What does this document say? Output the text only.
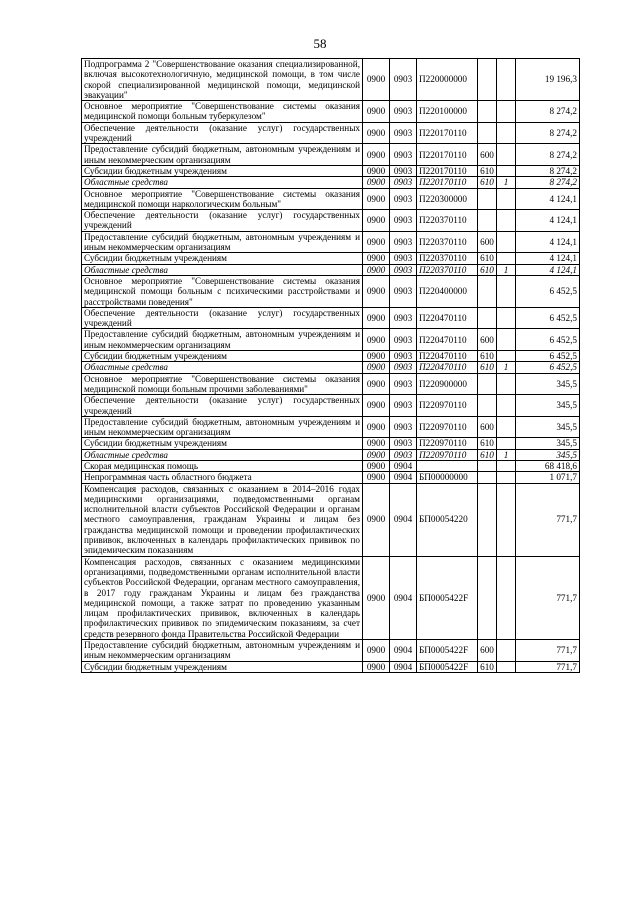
58
Подпрограмма 2 "Совершенствование оказания специализированной, включая высокотехнологичную, медицинской помощи, в том числе скорой специализированной медицинской помощи, медицинской эвакуации"	0900	0903	П220000000			19 196,3
Основное мероприятие "Совершенствование системы оказания медицинской помощи больным туберкулезом"	0900	0903	П220100000			8 274,2
Обеспечение деятельности (оказание услуг) государственных учреждений	0900	0903	П220170110			8 274,2
Предоставление субсидий бюджетным, автономным учреждениям и иным некоммерческим организациям	0900	0903	П220170110	600		8 274,2
Субсидии бюджетным учреждениям	0900	0903	П220170110	610		8 274,2
Областные средства	0900	0903	П220170110	610	1	8 274,2
Основное мероприятие "Совершенствование системы оказания медицинской помощи наркологическим больным"	0900	0903	П220300000			4 124,1
Обеспечение деятельности (оказание услуг) государственных учреждений	0900	0903	П220370110			4 124,1
Предоставление субсидий бюджетным, автономным учреждениям и иным некоммерческим организациям	0900	0903	П220370110	600		4 124,1
Субсидии бюджетным учреждениям	0900	0903	П220370110	610		4 124,1
Областные средства	0900	0903	П220370110	610	1	4 124,1
Основное мероприятие "Совершенствование системы оказания медицинской помощи больным с психическими расстройствами и расстройствами поведения"	0900	0903	П220400000			6 452,5
Обеспечение деятельности (оказание услуг) государственных учреждений	0900	0903	П220470110			6 452,5
Предоставление субсидий бюджетным, автономным учреждениям и иным некоммерческим организациям	0900	0903	П220470110	600		6 452,5
Субсидии бюджетным учреждениям	0900	0903	П220470110	610		6 452,5
Областные средства	0900	0903	П220470110	610	1	6 452,5
Основное мероприятие "Совершенствование системы оказания медицинской помощи больным прочими заболеваниями"	0900	0903	П220900000			345,5
Обеспечение деятельности (оказание услуг) государственных учреждений	0900	0903	П220970110			345,5
Предоставление субсидий бюджетным, автономным учреждениям и иным некоммерческим организациям	0900	0903	П220970110	600		345,5
Субсидии бюджетным учреждениям	0900	0903	П220970110	610		345,5
Областные средства	0900	0903	П220970110	610	1	345,5
Скорая медицинская помощь	0900	0904				68 418,6
Непрограммная часть областного бюджета	0900	0904	БП00000000			1 071,7
Компенсация расходов, связанных с оказанием в 2014–2016 годах медицинскими организациями, подведомственными органам исполнительной власти субъектов Российской Федерации и органам местного самоуправления, гражданам Украины и лицам без гражданства медицинской помощи и проведении профилактических прививок, включенных в календарь профилактических прививок по эпидемическим показаниям	0900	0904	БП00054220			771,7
Компенсация расходов, связанных с оказанием медицинскими организациями, подведомственными органам исполнительной власти субъектов Российской Федерации, органам местного самоуправления, в 2017 году гражданам Украины и лицам без гражданства медицинской помощи, а также затрат по проведению указанным лицам профилактических прививок, включенных в календарь профилактических прививок по эпидемическим показаниям, за счет средств резервного фонда Правительства Российской Федерации	0900	0904	БП0005422F			771,7
Предоставление субсидий бюджетным, автономным учреждениям и иным некоммерческим организациям	0900	0904	БП0005422F	600		771,7
Субсидии бюджетным учреждениям	0900	0904	БП0005422F	610		771,7
